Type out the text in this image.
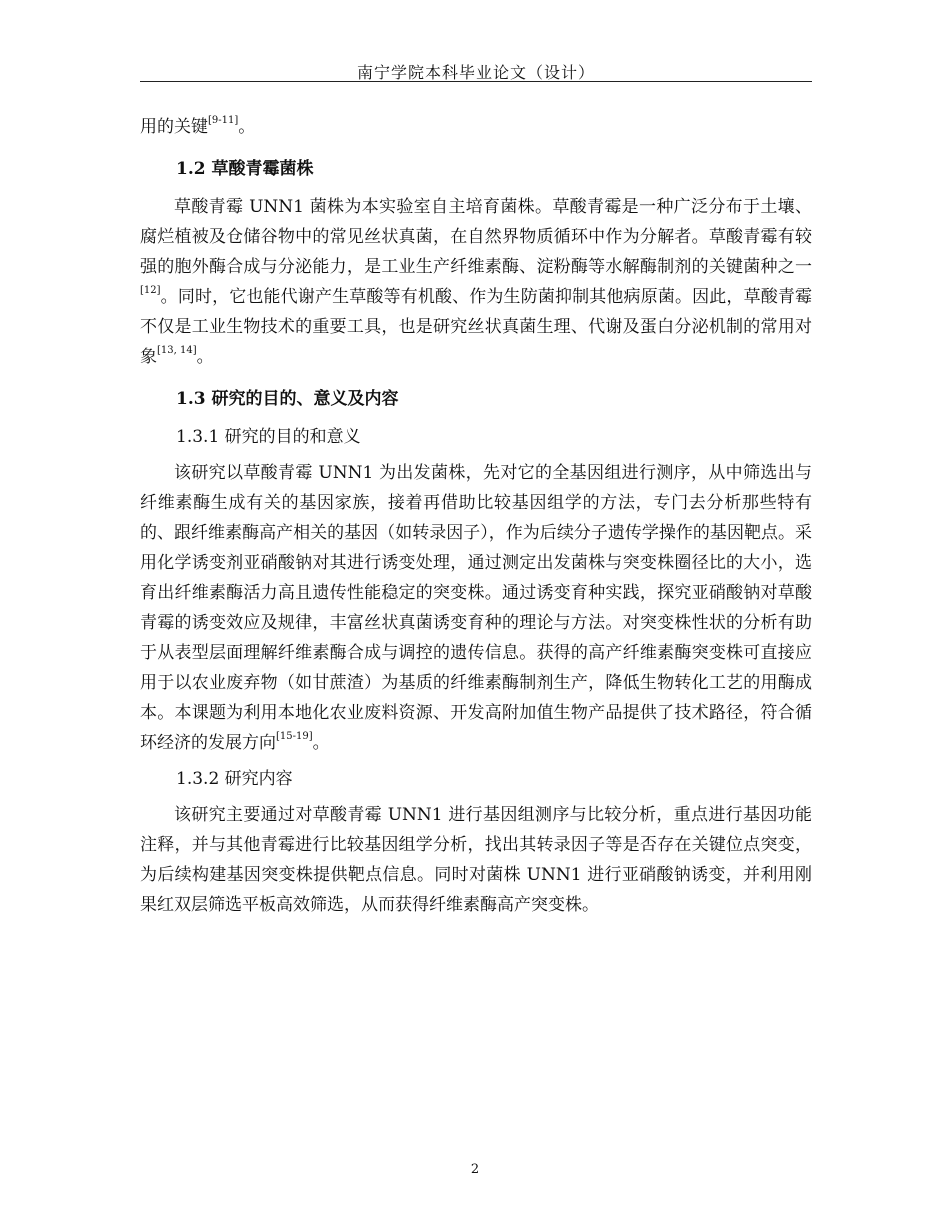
南宁学院本科毕业论文（设计）

用的关键[9-11]。

1.2 草酸青霉菌株

草酸青霉 UNN1 菌株为本实验室自主培育菌株。草酸青霉是一种广泛分布于土壤、腐烂植被及仓储谷物中的常见丝状真菌，在自然界物质循环中作为分解者。草酸青霉有较强的胞外酶合成与分泌能力，是工业生产纤维素酶、淀粉酶等水解酶制剂的关键菌种之一[12]。同时，它也能代谢产生草酸等有机酸、作为生防菌抑制其他病原菌。因此，草酸青霉不仅是工业生物技术的重要工具，也是研究丝状真菌生理、代谢及蛋白分泌机制的常用对象[13, 14]。

1.3 研究的目的、意义及内容

1.3.1 研究的目的和意义

该研究以草酸青霉 UNN1 为出发菌株，先对它的全基因组进行测序，从中筛选出与纤维素酶生成有关的基因家族，接着再借助比较基因组学的方法，专门去分析那些特有的、跟纤维素酶高产相关的基因（如转录因子），作为后续分子遗传学操作的基因靶点。采用化学诱变剂亚硝酸钠对其进行诱变处理，通过测定出发菌株与突变株圈径比的大小，选育出纤维素酶活力高且遗传性能稳定的突变株。通过诱变育种实践，探究亚硝酸钠对草酸青霉的诱变效应及规律，丰富丝状真菌诱变育种的理论与方法。对突变株性状的分析有助于从表型层面理解纤维素酶合成与调控的遗传信息。获得的高产纤维素酶突变株可直接应用于以农业废弃物（如甘蔗渣）为基质的纤维素酶制剂生产，降低生物转化工艺的用酶成本。本课题为利用本地化农业废料资源、开发高附加值生物产品提供了技术路径，符合循环经济的发展方向[15-19]。

1.3.2 研究内容

该研究主要通过对草酸青霉 UNN1 进行基因组测序与比较分析，重点进行基因功能注释，并与其他青霉进行比较基因组学分析，找出其转录因子等是否存在关键位点突变，为后续构建基因突变株提供靶点信息。同时对菌株 UNN1 进行亚硝酸钠诱变，并利用刚果红双层筛选平板高效筛选，从而获得纤维素酶高产突变株。

2
